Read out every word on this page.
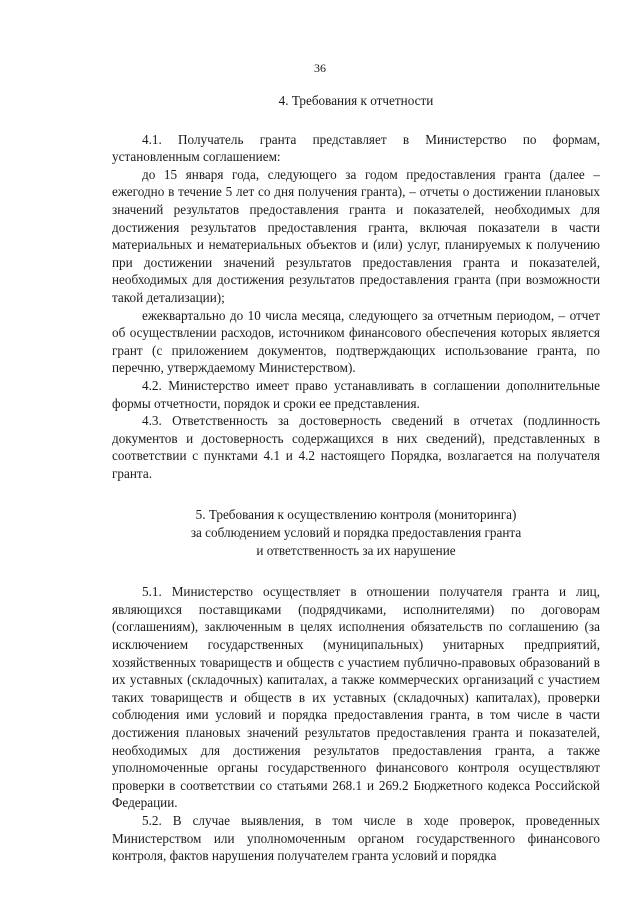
36

4. Требования к отчетности

4.1. Получатель гранта представляет в Министерство по формам, установленным соглашением:

до 15 января года, следующего за годом предоставления гранта (далее – ежегодно в течение 5 лет со дня получения гранта), – отчеты о достижении плановых значений результатов предоставления гранта и показателей, необходимых для достижения результатов предоставления гранта, включая показатели в части материальных и нематериальных объектов и (или) услуг, планируемых к получению при достижении значений результатов предоставления гранта и показателей, необходимых для достижения результатов предоставления гранта (при возможности такой детализации);

ежеквартально до 10 числа месяца, следующего за отчетным периодом, – отчет об осуществлении расходов, источником финансового обеспечения которых является грант (с приложением документов, подтверждающих использование гранта, по перечню, утверждаемому Министерством).

4.2. Министерство имеет право устанавливать в соглашении дополнительные формы отчетности, порядок и сроки ее представления.

4.3. Ответственность за достоверность сведений в отчетах (подлинность документов и достоверность содержащихся в них сведений), представленных в соответствии с пунктами 4.1 и 4.2 настоящего Порядка, возлагается на получателя гранта.

5. Требования к осуществлению контроля (мониторинга)
за соблюдением условий и порядка предоставления гранта
и ответственность за их нарушение

5.1. Министерство осуществляет в отношении получателя гранта и лиц, являющихся поставщиками (подрядчиками, исполнителями) по договорам (соглашениям), заключенным в целях исполнения обязательств по соглашению (за исключением государственных (муниципальных) унитарных предприятий, хозяйственных товариществ и обществ с участием публично-правовых образований в их уставных (складочных) капиталах, а также коммерческих организаций с участием таких товариществ и обществ в их уставных (складочных) капиталах), проверки соблюдения ими условий и порядка предоставления гранта, в том числе в части достижения плановых значений результатов предоставления гранта и показателей, необходимых для достижения результатов предоставления гранта, а также уполномоченные органы государственного финансового контроля осуществляют проверки в соответствии со статьями 268.1 и 269.2 Бюджетного кодекса Российской Федерации.

5.2. В случае выявления, в том числе в ходе проверок, проведенных Министерством или уполномоченным органом государственного финансового контроля, фактов нарушения получателем гранта условий и порядка
